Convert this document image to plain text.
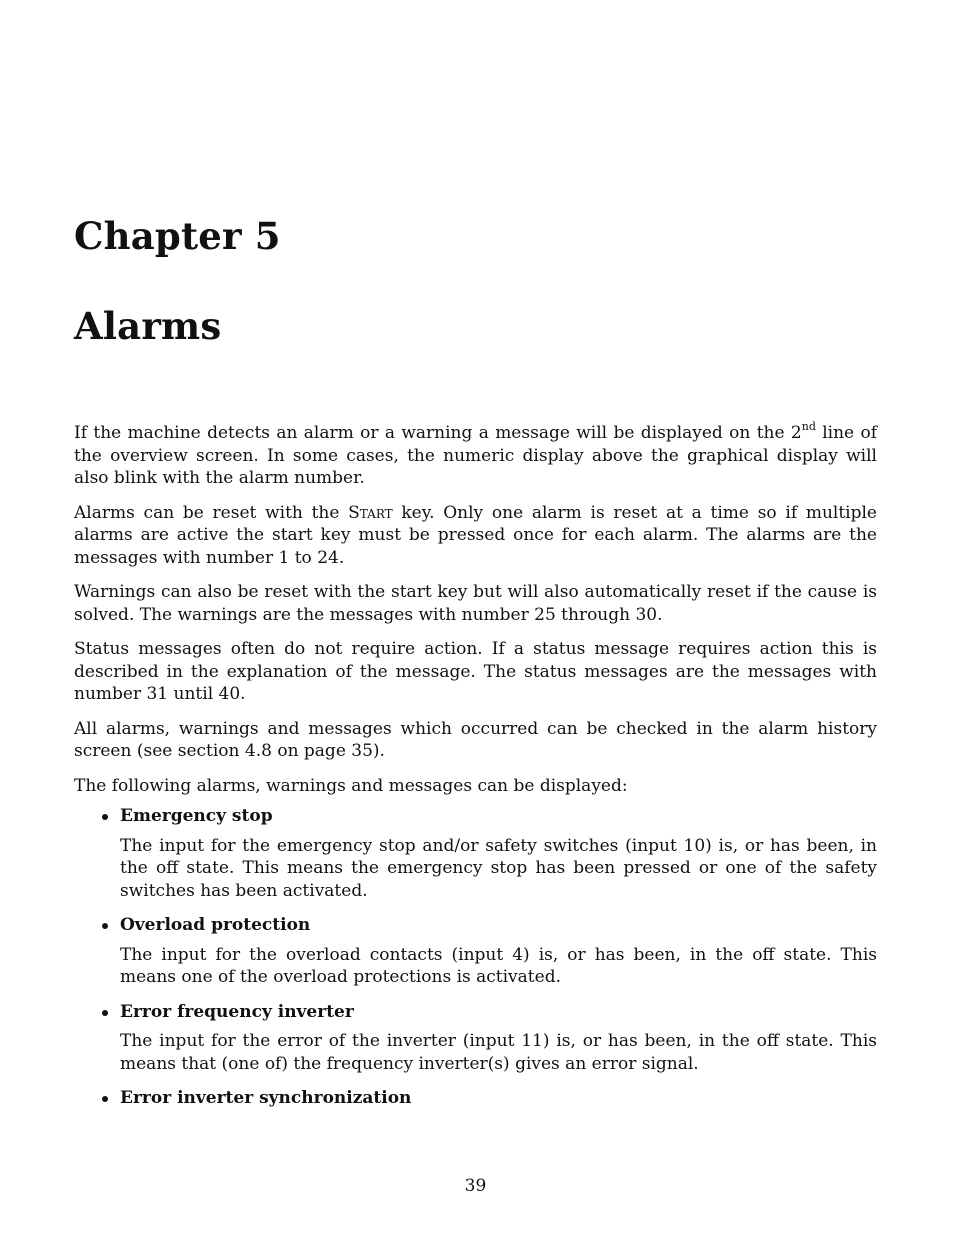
Chapter 5
Alarms

If the machine detects an alarm or a warning a message will be displayed on the 2nd line of the overview screen. In some cases, the numeric display above the graphical display will also blink with the alarm number.

Alarms can be reset with the Start key. Only one alarm is reset at a time so if multiple alarms are active the start key must be pressed once for each alarm. The alarms are the messages with number 1 to 24.

Warnings can also be reset with the start key but will also automatically reset if the cause is solved. The warnings are the messages with number 25 through 30.

Status messages often do not require action. If a status message requires action this is described in the explanation of the message. The status messages are the messages with number 31 until 40.

All alarms, warnings and messages which occurred can be checked in the alarm history screen (see section 4.8 on page 35).

The following alarms, warnings and messages can be displayed:

Emergency stop
The input for the emergency stop and/or safety switches (input 10) is, or has been, in the off state. This means the emergency stop has been pressed or one of the safety switches has been activated.
Overload protection
The input for the overload contacts (input 4) is, or has been, in the off state. This means one of the overload protections is activated.
Error frequency inverter
The input for the error of the inverter (input 11) is, or has been, in the off state. This means that (one of) the frequency inverter(s) gives an error signal.
Error inverter synchronization
39
